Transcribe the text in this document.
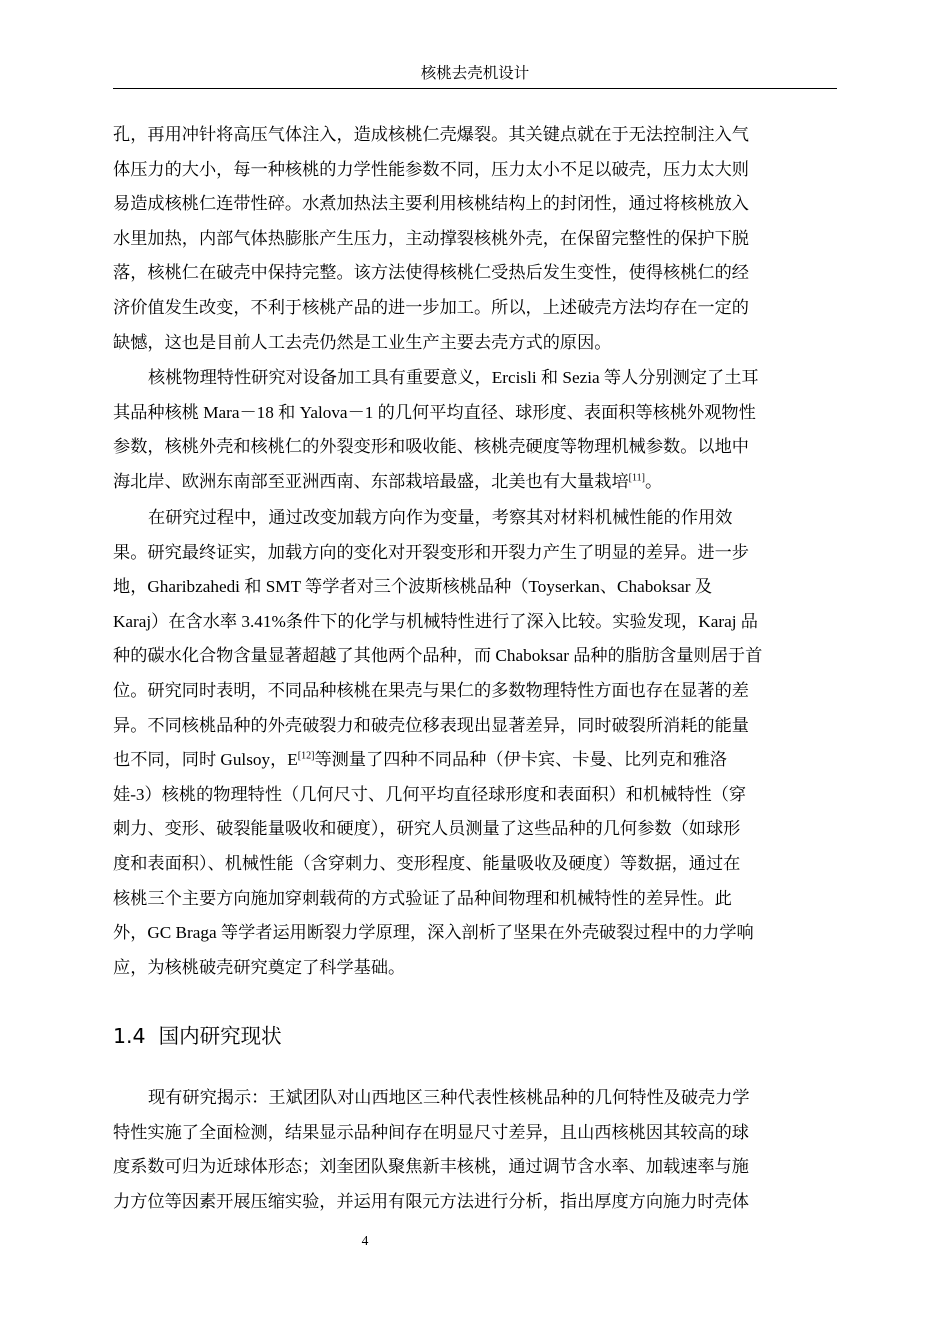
核桃去壳机设计
孔，再用冲针将高压气体注入，造成核桃仁壳爆裂。其关键点就在于无法控制注入气
体压力的大小，每一种核桃的力学性能参数不同，压力太小不足以破壳，压力太大则
易造成核桃仁连带性碎。水煮加热法主要利用核桃结构上的封闭性，通过将核桃放入
水里加热，内部气体热膨胀产生压力，主动撑裂核桃外壳，在保留完整性的保护下脱
落，核桃仁在破壳中保持完整。该方法使得核桃仁受热后发生变性，使得核桃仁的经
济价值发生改变，不利于核桃产品的进一步加工。所以，上述破壳方法均存在一定的
缺憾，这也是目前人工去壳仍然是工业生产主要去壳方式的原因。
核桃物理特性研究对设备加工具有重要意义，Ercisli 和 Sezia 等人分别测定了土耳
其品种核桃 Mara－18 和 Yalova－1 的几何平均直径、球形度、表面积等核桃外观物性
参数，核桃外壳和核桃仁的外裂变形和吸收能、核桃壳硬度等物理机械参数。以地中
海北岸、欧洲东南部至亚洲西南、东部栽培最盛，北美也有大量栽培[11]。
在研究过程中，通过改变加载方向作为变量，考察其对材料机械性能的作用效
果。研究最终证实，加载方向的变化对开裂变形和开裂力产生了明显的差异。进一步
地，Gharibzahedi 和 SMT 等学者对三个波斯核桃品种（Toyserkan、Chaboksar 及
Karaj）在含水率 3.41%条件下的化学与机械特性进行了深入比较。实验发现，Karaj 品
种的碳水化合物含量显著超越了其他两个品种，而 Chaboksar 品种的脂肪含量则居于首
位。研究同时表明，不同品种核桃在果壳与果仁的多数物理特性方面也存在显著的差
异。不同核桃品种的外壳破裂力和破壳位移表现出显著差异，同时破裂所消耗的能量
也不同，同时 Gulsoy，E[12]等测量了四种不同品种（伊卡宾、卡曼、比列克和雅洛
娃-3）核桃的物理特性（几何尺寸、几何平均直径球形度和表面积）和机械特性（穿
刺力、变形、破裂能量吸收和硬度），研究人员测量了这些品种的几何参数（如球形
度和表面积）、机械性能（含穿刺力、变形程度、能量吸收及硬度）等数据，通过在
核桃三个主要方向施加穿刺载荷的方式验证了品种间物理和机械特性的差异性。此
外，GC Braga 等学者运用断裂力学原理，深入剖析了坚果在外壳破裂过程中的力学响
应，为核桃破壳研究奠定了科学基础。
1.4 国内研究现状
现有研究揭示：王斌团队对山西地区三种代表性核桃品种的几何特性及破壳力学
特性实施了全面检测，结果显示品种间存在明显尺寸差异，且山西核桃因其较高的球
度系数可归为近球体形态；刘奎团队聚焦新丰核桃，通过调节含水率、加载速率与施
力方位等因素开展压缩实验，并运用有限元方法进行分析，指出厚度方向施力时壳体
4
